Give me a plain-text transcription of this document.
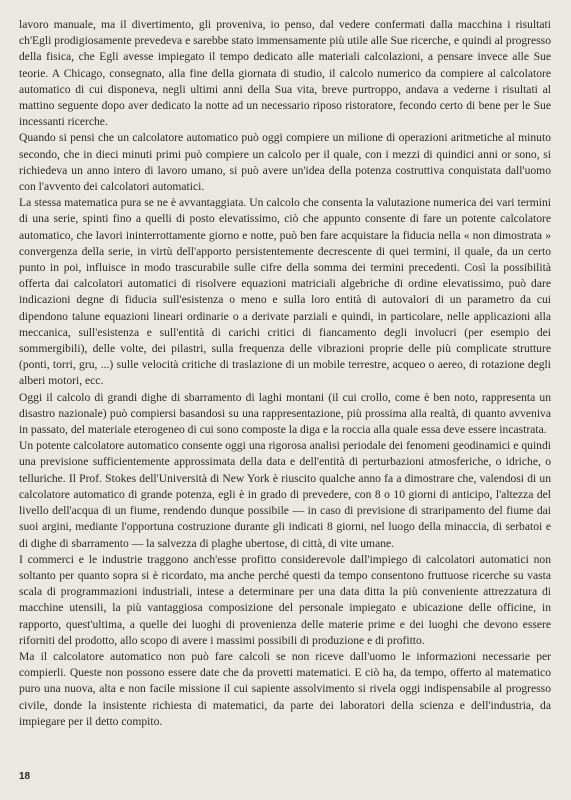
lavoro manuale, ma il divertimento, gli proveniva, io penso, dal vedere confermati dalla macchina i risultati ch'Egli prodigiosamente prevedeva e sarebbe stato immensamente più utile alle Sue ricerche, e quindi al progresso della fisica, che Egli avesse impiegato il tempo dedicato alle materiali calcolazioni, a pensare invece alle Sue teorie. A Chicago, consegnato, alla fine della giornata di studio, il calcolo numerico da compiere al calcolatore automatico di cui disponeva, negli ultimi anni della Sua vita, breve purtroppo, andava a vederne i risultati al mattino seguente dopo aver dedicato la notte ad un necessario riposo ristoratore, fecondo certo di bene per le Sue incessanti ricerche.

Quando si pensi che un calcolatore automatico può oggi compiere un milione di operazioni aritmetiche al minuto secondo, che in dieci minuti primi può compiere un calcolo per il quale, con i mezzi di quindici anni or sono, si richiedeva un anno intero di lavoro umano, si può avere un'idea della potenza costruttiva conquistata dall'uomo con l'avvento dei calcolatori automatici.

La stessa matematica pura se ne è avvantaggiata. Un calcolo che consenta la valutazione numerica dei vari termini di una serie, spinti fino a quelli di posto elevatissimo, ciò che appunto consente di fare un potente calcolatore automatico, che lavori ininterrottamente giorno e notte, può ben fare acquistare la fiducia nella « non dimostrata » convergenza della serie, in virtù dell'apporto persistentemente decrescente di quei termini, il quale, da un certo punto in poi, influisce in modo trascurabile sulle cifre della somma dei termini precedenti. Così la possibilità offerta dai calcolatori automatici di risolvere equazioni matriciali algebriche di ordine elevatissimo, può dare indicazioni degne di fiducia sull'esistenza o meno e sulla loro entità di autovalori di un parametro da cui dipendono talune equazioni lineari ordinarie o a derivate parziali e quindi, in particolare, nelle applicazioni alla meccanica, sull'esistenza e sull'entità di carichi critici di fiancamento degli involucri (per esempio dei sommergibili), delle volte, dei pilastri, sulla frequenza delle vibrazioni proprie delle più complicate strutture (ponti, torri, gru, ...) sulle velocità critiche di traslazione di un mobile terrestre, acqueo o aereo, di rotazione degli alberi motori, ecc.

Oggi il calcolo di grandi dighe di sbarramento di laghi montani (il cui crollo, come è ben noto, rappresenta un disastro nazionale) può compiersi basandosi su una rappresentazione, più prossima alla realtà, di quanto avveniva in passato, del materiale eterogeneo di cui sono composte la diga e la roccia alla quale essa deve essere incastrata.

Un potente calcolatore automatico consente oggi una rigorosa analisi periodale dei fenomeni geodinamici e quindi una previsione sufficientemente approssimata della data e dell'entità di perturbazioni atmosferiche, o idriche, o telluriche. Il Prof. Stokes dell'Università di New York è riuscito qualche anno fa a dimostrare che, valendosi di un calcolatore automatico di grande potenza, egli è in grado di prevedere, con 8 o 10 giorni di anticipo, l'altezza del livello dell'acqua di un fiume, rendendo dunque possibile — in caso di previsione di straripamento del fiume dai suoi argini, mediante l'opportuna costruzione durante gli indicati 8 giorni, nel luogo della minaccia, di serbatoi e di dighe di sbarramento — la salvezza di plaghe ubertose, di città, di vite umane.

I commerci e le industrie traggono anch'esse profitto considerevole dall'impiego di calcolatori automatici non soltanto per quanto sopra si è ricordato, ma anche perché questi da tempo consentono fruttuose ricerche su vasta scala di programmazioni industriali, intese a determinare per una data ditta la più conveniente attrezzatura di macchine utensili, la più vantaggiosa composizione del personale impiegato e ubicazione delle officine, in rapporto, quest'ultima, a quelle dei luoghi di provenienza delle materie prime e dei luoghi che devono essere riforniti del prodotto, allo scopo di avere i massimi possibili di produzione e di profitto.

Ma il calcolatore automatico non può fare calcoli se non riceve dall'uomo le informazioni necessarie per compierli. Queste non possono essere date che da provetti matematici. E ciò ha, da tempo, offerto al matematico puro una nuova, alta e non facile missione il cui sapiente assolvimento si rivela oggi indispensabile al progresso civile, donde la insistente richiesta di matematici, da parte dei laboratori della scienza e dell'industria, da impiegare per il detto compito.

18
